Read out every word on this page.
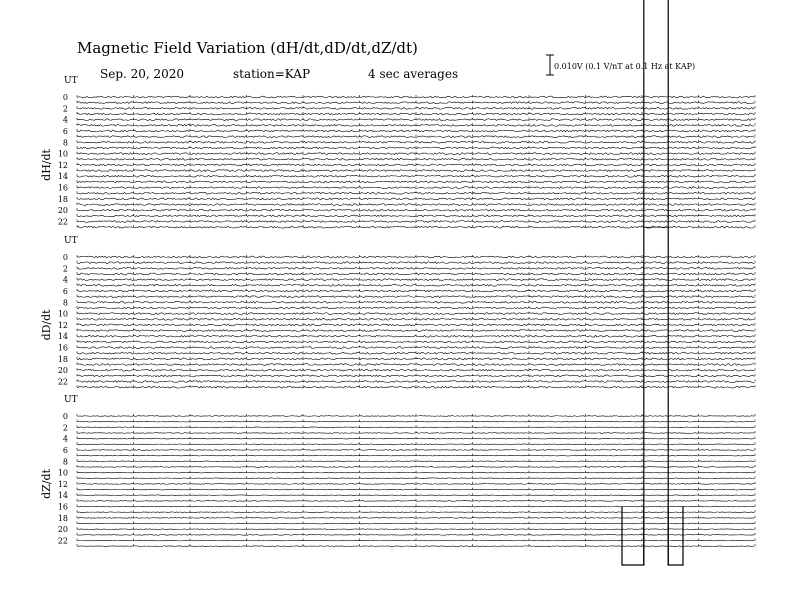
Magnetic Field Variation (dH/dt,dD/dt,dZ/dt)
Sep. 20, 2020	station=KAP	4 sec averages
0.010V (0.1 V/nT at 0.1 Hz at KAP)
UT
dH/dt
0
2
4
6
8
10
12
14
16
18
20
22
UT
dD/dt
0
2
4
6
8
10
12
14
16
18
20
22
UT
dZ/dt
0
2
4
6
8
10
12
14
16
18
20
22
